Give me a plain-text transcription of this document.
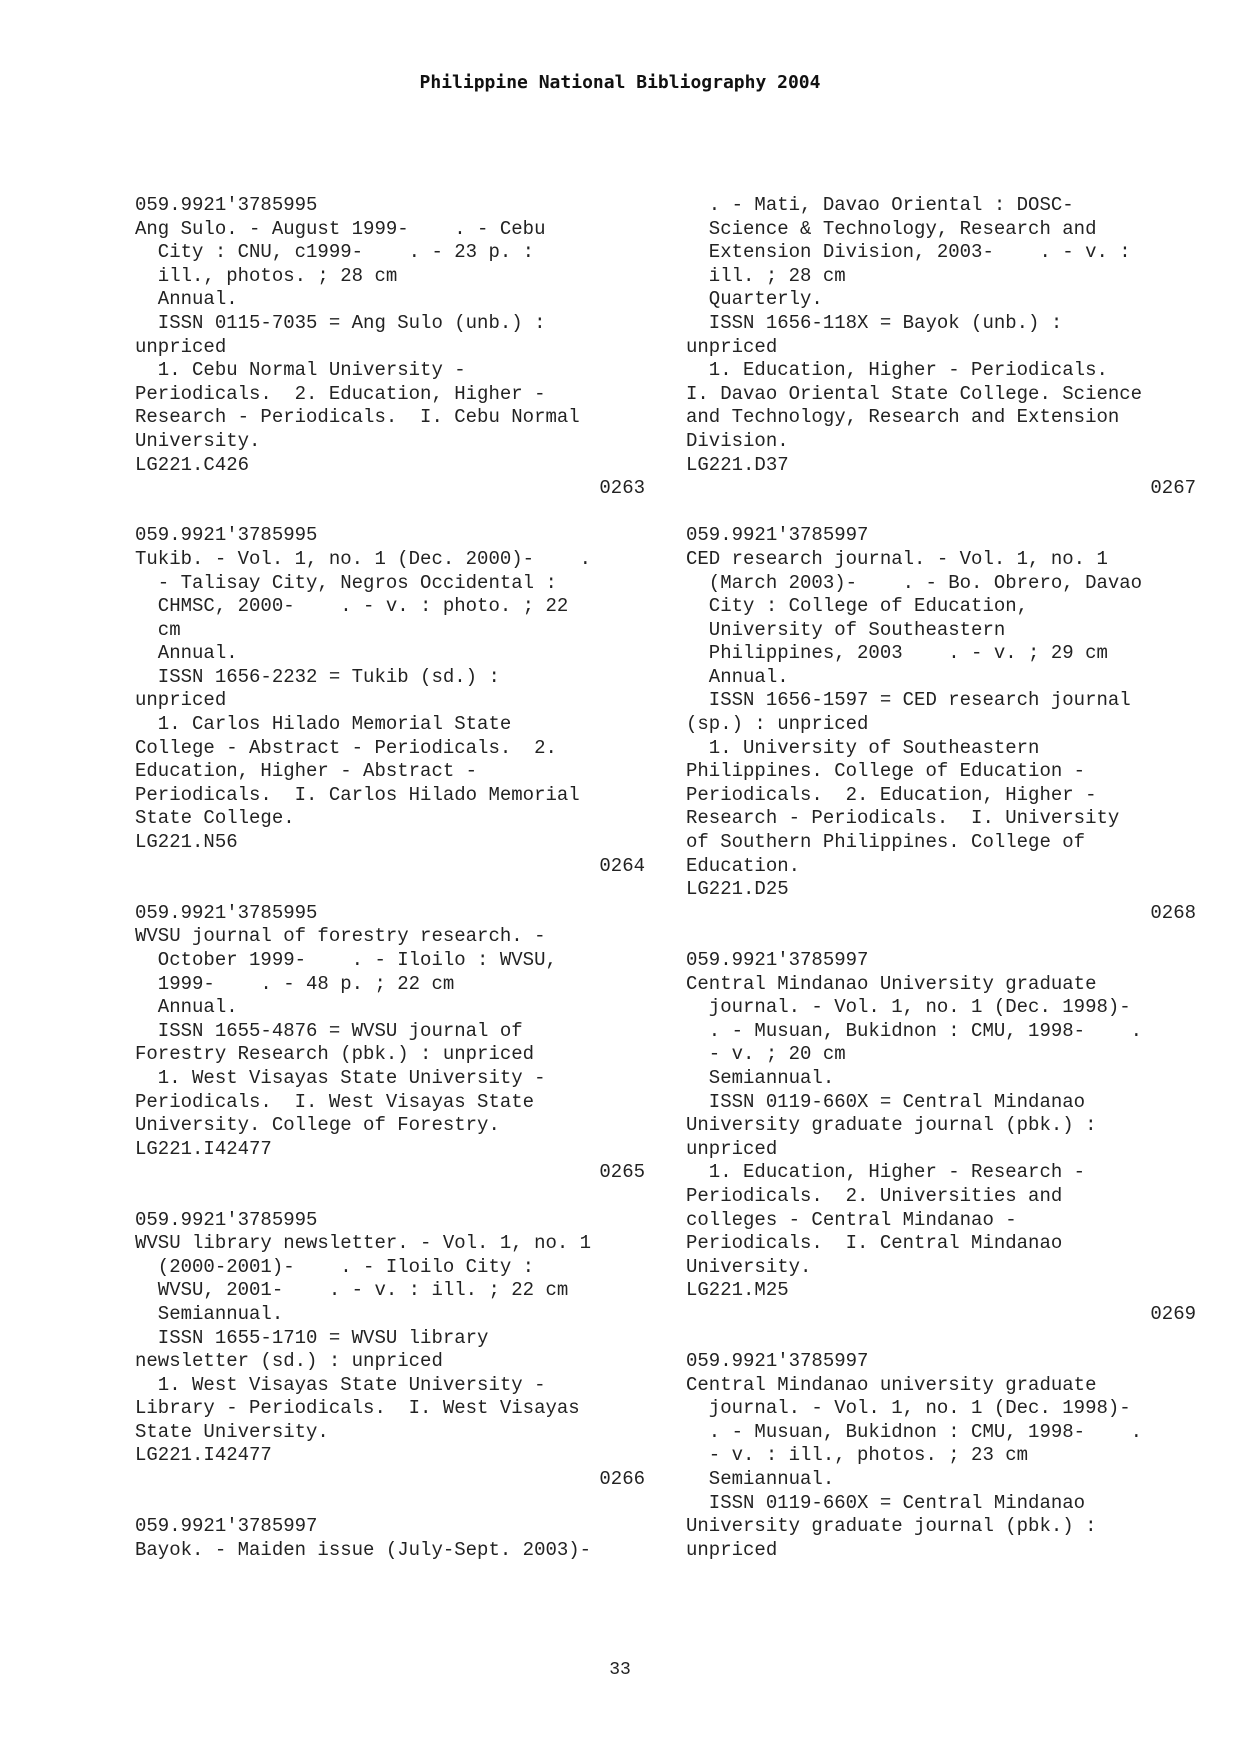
Philippine National Bibliography 2004
059.9921'3785995
Ang Sulo. - August 1999-    . - Cebu
City : CNU, c1999-    . - 23 p. :
ill., photos. ; 28 cm
Annual.
ISSN 0115-7035 = Ang Sulo (unb.) :
unpriced
1. Cebu Normal University -
Periodicals.  2. Education, Higher -
Research - Periodicals.  I. Cebu Normal
University.
LG221.C426
0263
059.9921'3785995
Tukib. - Vol. 1, no. 1 (Dec. 2000)-    .
- Talisay City, Negros Occidental :
CHMSC, 2000-    . - v. : photo. ; 22
cm
Annual.
ISSN 1656-2232 = Tukib (sd.) :
unpriced
1. Carlos Hilado Memorial State
College - Abstract - Periodicals.  2.
Education, Higher - Abstract -
Periodicals.  I. Carlos Hilado Memorial
State College.
LG221.N56
0264
059.9921'3785995
WVSU journal of forestry research. -
October 1999-    . - Iloilo : WVSU,
1999-    . - 48 p. ; 22 cm
Annual.
ISSN 1655-4876 = WVSU journal of
Forestry Research (pbk.) : unpriced
1. West Visayas State University -
Periodicals.  I. West Visayas State
University. College of Forestry.
LG221.I42477
0265
059.9921'3785995
WVSU library newsletter. - Vol. 1, no. 1
(2000-2001)-    . - Iloilo City :
WVSU, 2001-    . - v. : ill. ; 22 cm
Semiannual.
ISSN 1655-1710 = WVSU library
newsletter (sd.) : unpriced
1. West Visayas State University -
Library - Periodicals.  I. West Visayas
State University.
LG221.I42477
0266
059.9921'3785997
Bayok. - Maiden issue (July-Sept. 2003)-
. - Mati, Davao Oriental : DOSC-
Science & Technology, Research and
Extension Division, 2003-    . - v. :
ill. ; 28 cm
Quarterly.
ISSN 1656-118X = Bayok (unb.) :
unpriced
1. Education, Higher - Periodicals.
I. Davao Oriental State College. Science
and Technology, Research and Extension
Division.
LG221.D37
0267
059.9921'3785997
CED research journal. - Vol. 1, no. 1
(March 2003)-    . - Bo. Obrero, Davao
City : College of Education,
University of Southeastern
Philippines, 2003    . - v. ; 29 cm
Annual.
ISSN 1656-1597 = CED research journal
(sp.) : unpriced
1. University of Southeastern
Philippines. College of Education -
Periodicals.  2. Education, Higher -
Research - Periodicals.  I. University
of Southern Philippines. College of
Education.
LG221.D25
0268
059.9921'3785997
Central Mindanao University graduate
journal. - Vol. 1, no. 1 (Dec. 1998)-
. - Musuan, Bukidnon : CMU, 1998-    .
- v. ; 20 cm
Semiannual.
ISSN 0119-660X = Central Mindanao
University graduate journal (pbk.) :
unpriced
1. Education, Higher - Research -
Periodicals.  2. Universities and
colleges - Central Mindanao -
Periodicals.  I. Central Mindanao
University.
LG221.M25
0269
059.9921'3785997
Central Mindanao university graduate
journal. - Vol. 1, no. 1 (Dec. 1998)-
. - Musuan, Bukidnon : CMU, 1998-    .
- v. : ill., photos. ; 23 cm
Semiannual.
ISSN 0119-660X = Central Mindanao
University graduate journal (pbk.) :
unpriced
33
